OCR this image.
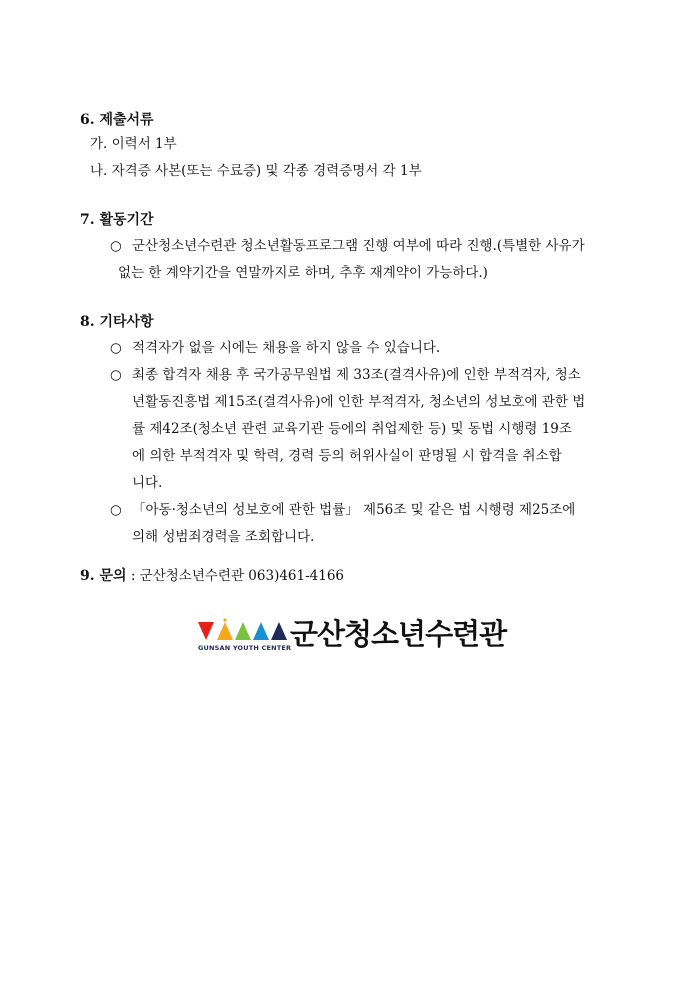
6. 제출서류
가. 이력서 1부
나. 자격증 사본(또는 수료증) 및 각종 경력증명서 각 1부
7. 활동기간
○ 군산청소년수련관 청소년활동프로그램 진행 여부에 따라 진행.(특별한 사유가
없는 한 계약기간을 연말까지로 하며, 추후 재계약이 가능하다.)
8. 기타사항
○ 적격자가 없을 시에는 채용을 하지 않을 수 있습니다.
○ 최종 합격자 채용 후 국가공무원법 제 33조(결격사유)에 인한 부적격자, 청소
년활동진흥법 제15조(결격사유)에 인한 부적격자, 청소년의 성보호에 관한 법
률 제42조(청소년 관련 교육기관 등에의 취업제한 등) 및 동법 시행령 19조
에 의한 부적격자 및 학력, 경력 등의 허위사실이 판명될 시 합격을 취소합
니다.
○ 「아동·청소년의 성보호에 관한 법률」 제56조 및 같은 법 시행령 제25조에
의해 성범죄경력을 조회합니다.
9. 문의 : 군산청소년수련관 063)461-4166
GUNSAN YOUTH CENTER
군산청소년수련관
